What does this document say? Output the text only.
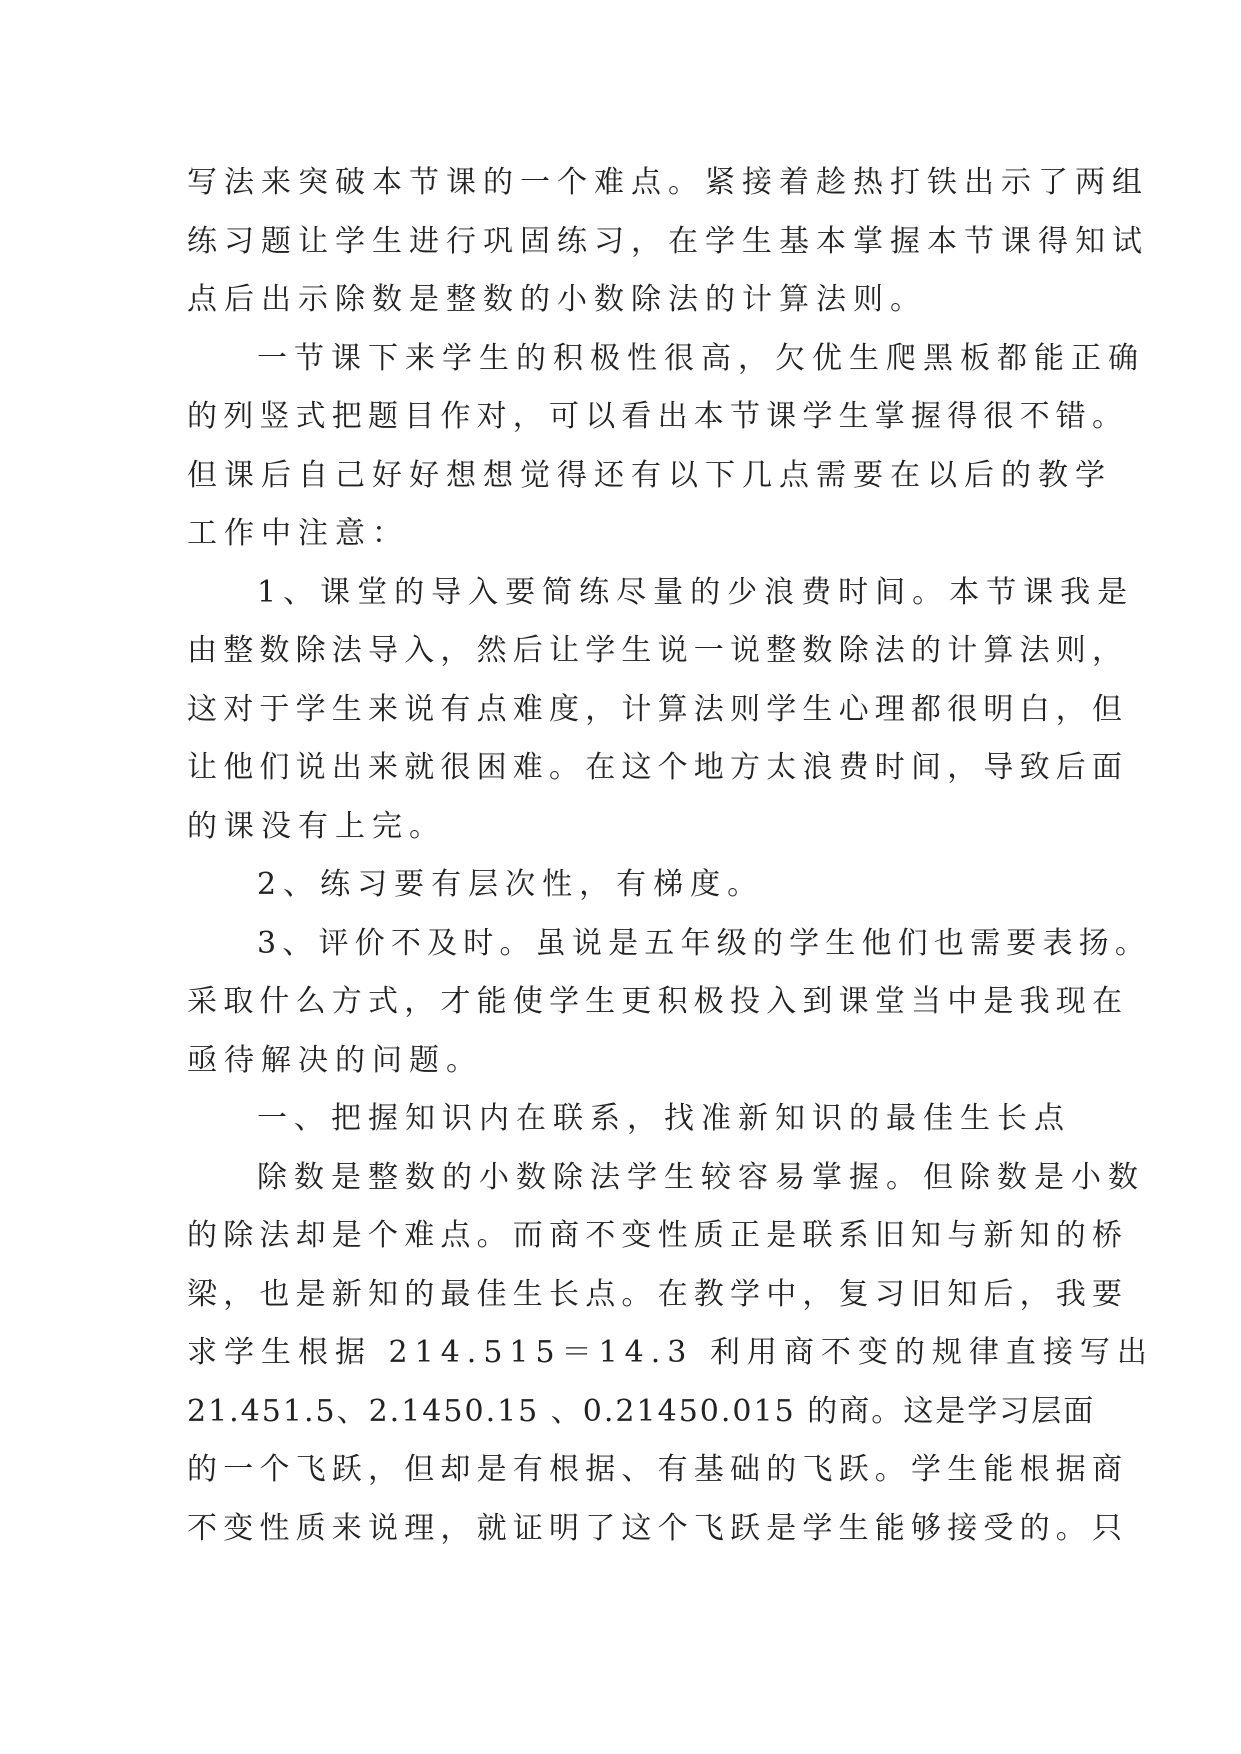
写法来突破本节课的一个难点。紧接着趁热打铁出示了两组
练习题让学生进行巩固练习，在学生基本掌握本节课得知试
点后出示除数是整数的小数除法的计算法则。
一节课下来学生的积极性很高，欠优生爬黑板都能正确
的列竖式把题目作对，可以看出本节课学生掌握得很不错。
但课后自己好好想想觉得还有以下几点需要在以后的教学
工作中注意：
1、课堂的导入要简练尽量的少浪费时间。本节课我是
由整数除法导入，然后让学生说一说整数除法的计算法则，
这对于学生来说有点难度，计算法则学生心理都很明白，但
让他们说出来就很困难。在这个地方太浪费时间，导致后面
的课没有上完。
2、练习要有层次性，有梯度。
3、评价不及时。虽说是五年级的学生他们也需要表扬。
采取什么方式，才能使学生更积极投入到课堂当中是我现在
亟待解决的问题。
一、把握知识内在联系，找准新知识的最佳生长点
除数是整数的小数除法学生较容易掌握。但除数是小数
的除法却是个难点。而商不变性质正是联系旧知与新知的桥
梁，也是新知的最佳生长点。在教学中，复习旧知后，我要
求学生根据 214.515＝14.3 利用商不变的规律直接写出
21.451.5、2.1450.15 、0.21450.015 的商。这是学习层面
的一个飞跃，但却是有根据、有基础的飞跃。学生能根据商
不变性质来说理，就证明了这个飞跃是学生能够接受的。只
